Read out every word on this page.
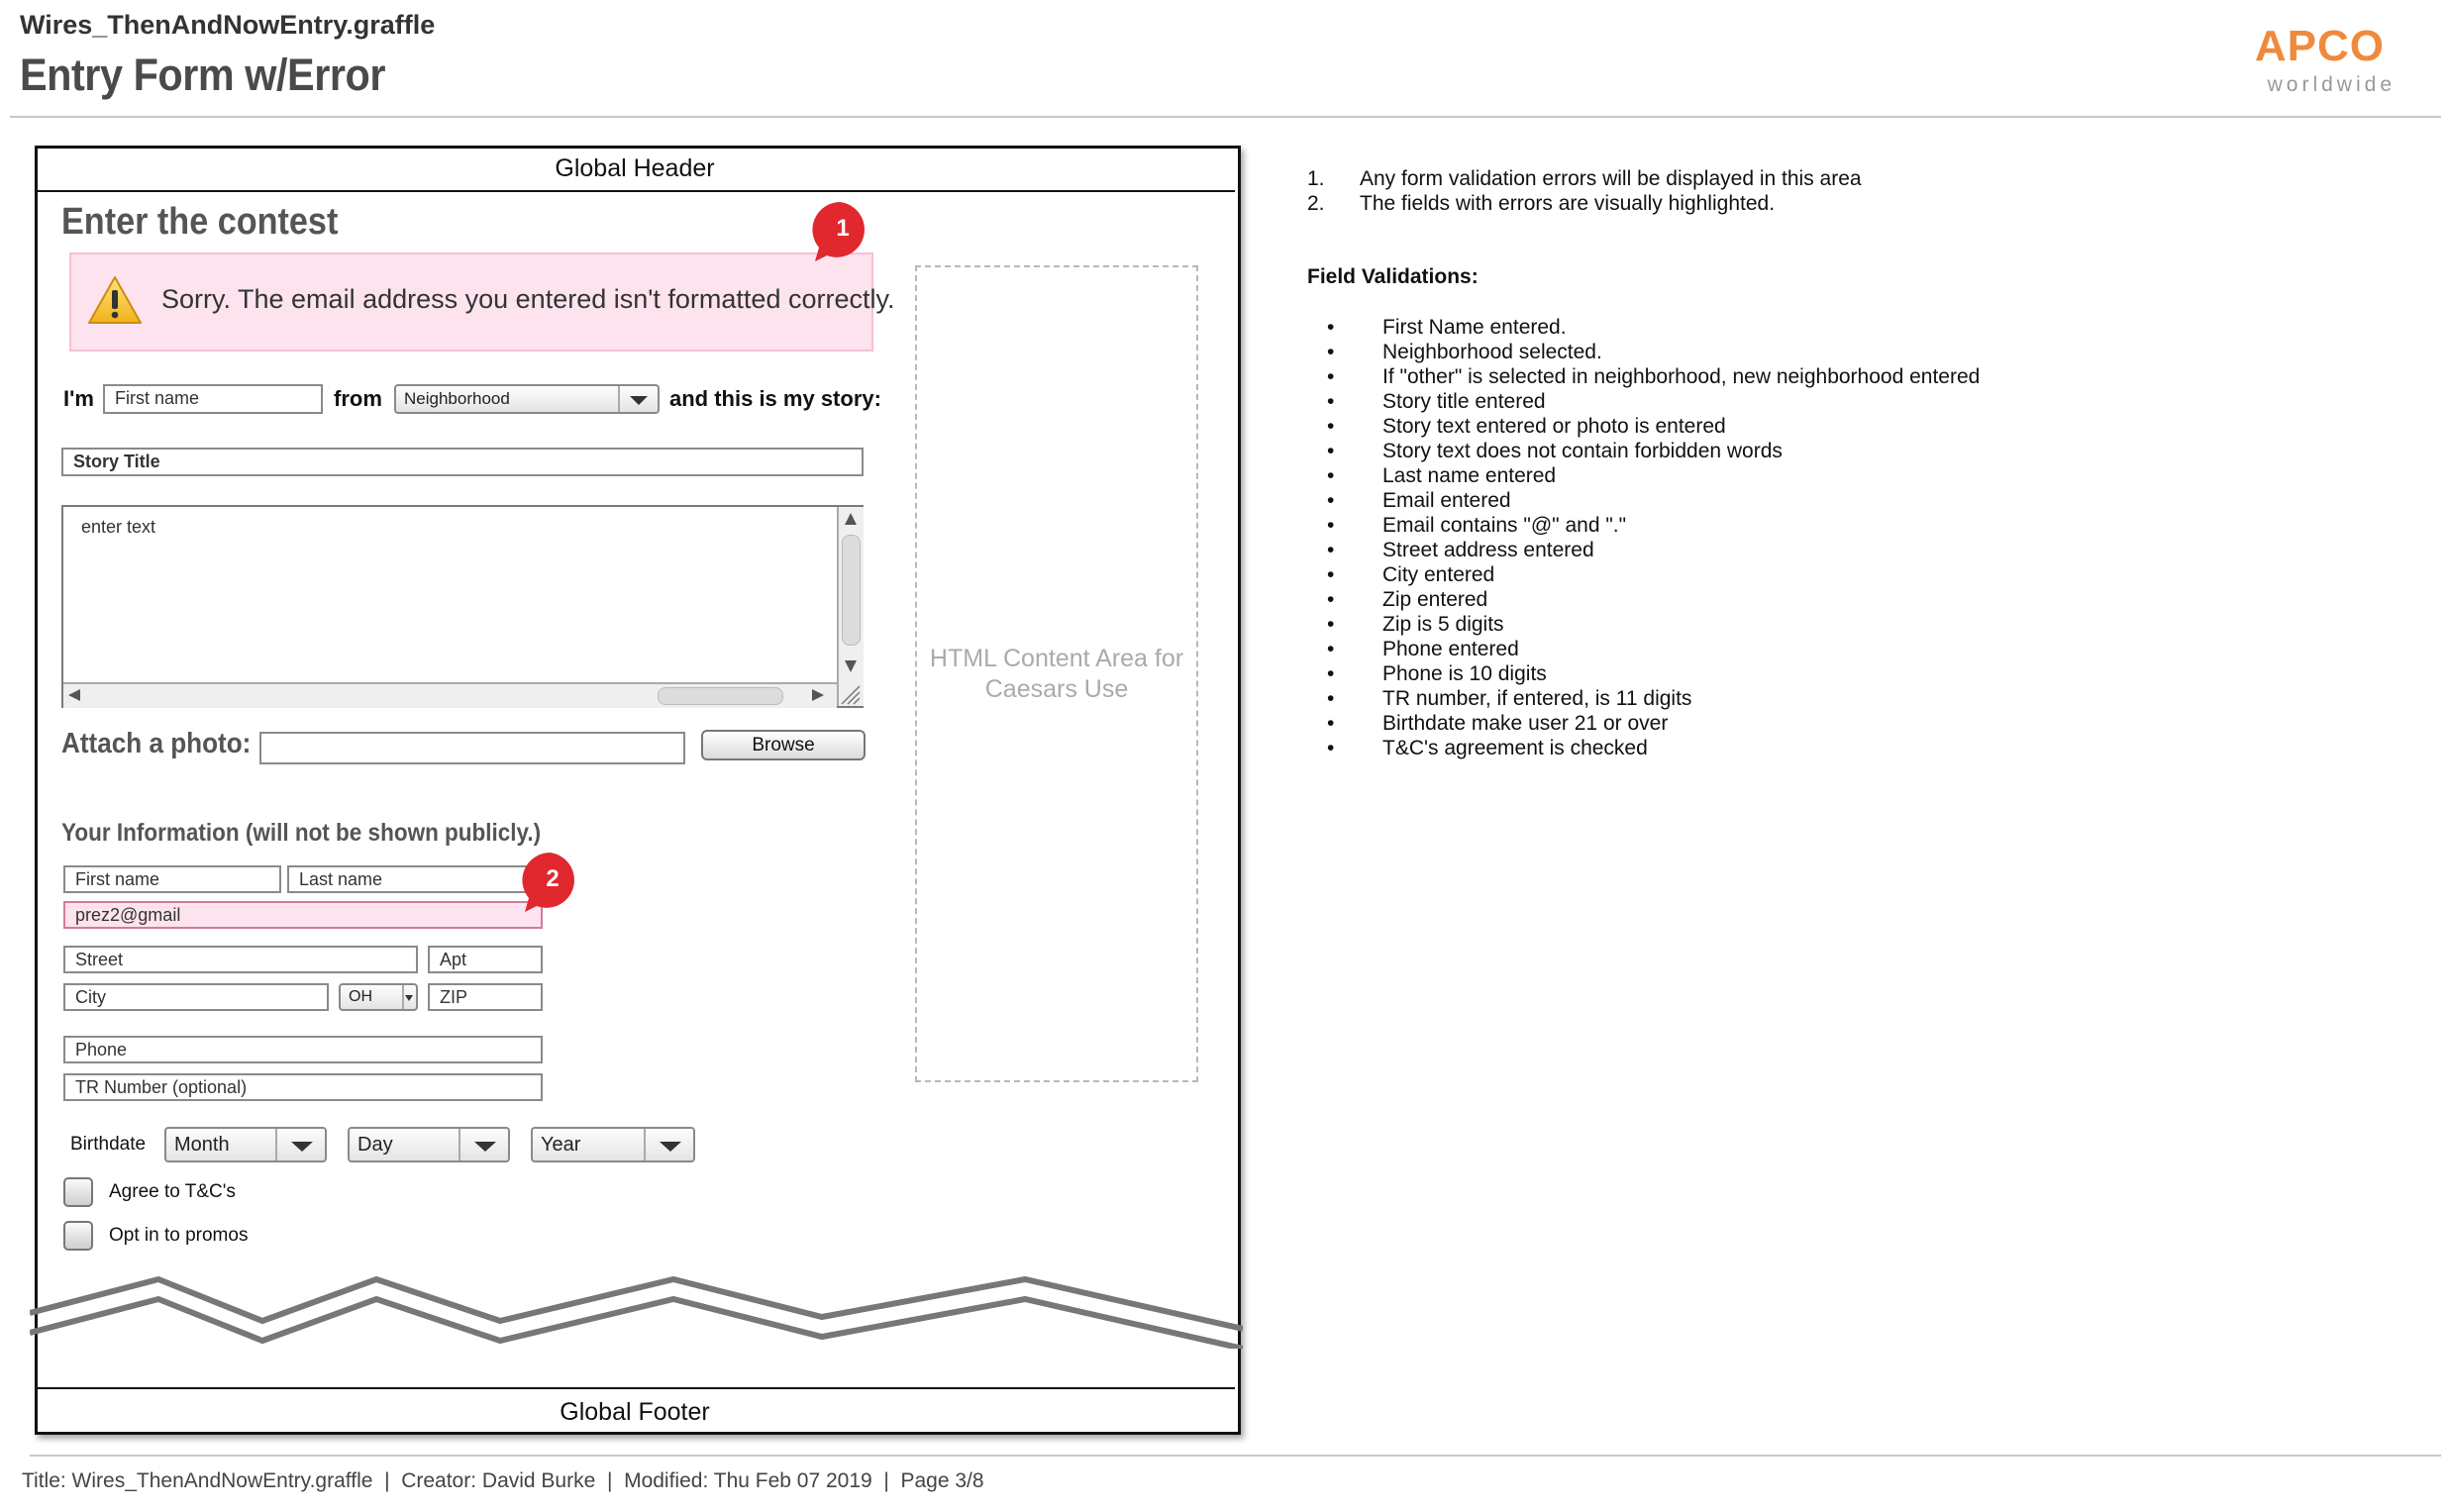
Wires_ThenAndNowEntry.graffle
Entry Form w/Error
APCO
worldwide
Global Header
Enter the contest
Sorry. The email address you entered isn't formatted correctly.
1
I'm	First name	from	Neighborhood	and this is my story:
Story Title
enter text
Attach a photo:	Browse
Your Information (will not be shown publicly.)
First name	Last name
prez2@gmail
2
Street	Apt
City	OH	ZIP
Phone
TR Number (optional)
Birthdate	Month	Day	Year
Agree to T&C's
Opt in to promos
HTML Content Area for Caesars Use
Global Footer
1. Any form validation errors will be displayed in this area
2. The fields with errors are visually highlighted.
Field Validations:
• First Name entered.
• Neighborhood selected.
• If "other" is selected in neighborhood, new neighborhood entered
• Story title entered
• Story text entered or photo is entered
• Story text does not contain forbidden words
• Last name entered
• Email entered
• Email contains "@" and "."
• Street address entered
• City entered
• Zip entered
• Zip is 5 digits
• Phone entered
• Phone is 10 digits
• TR number, if entered, is 11 digits
• Birthdate make user 21 or over
• T&C's agreement is checked
Title: Wires_ThenAndNowEntry.graffle  |  Creator: David Burke  |  Modified: Thu Feb 07 2019  |  Page 3/8
